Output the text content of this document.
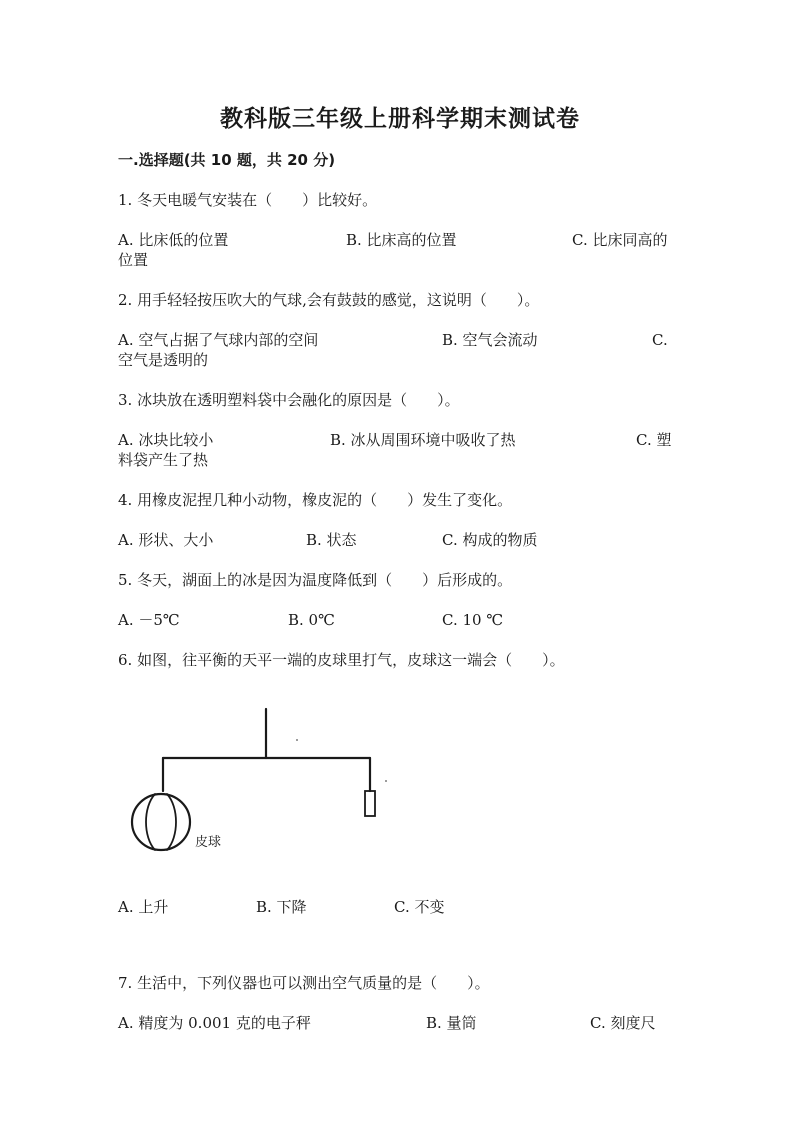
教科版三年级上册科学期末测试卷
一.选择题(共 10 题，共 20 分)
1. 冬天电暖气安装在（　　）比较好。
A. 比床低的位置	B. 比床高的位置	C. 比床同高的
位置
2. 用手轻轻按压吹大的气球,会有鼓鼓的感觉，这说明（　　）。
A. 空气占据了气球内部的空间	B. 空气会流动	C.
空气是透明的
3. 冰块放在透明塑料袋中会融化的原因是（　　）。
A. 冰块比较小	B. 冰从周围环境中吸收了热	C. 塑
料袋产生了热
4. 用橡皮泥捏几种小动物，橡皮泥的（　　）发生了变化。
A. 形状、大小	B. 状态	C. 构成的物质
5. 冬天，湖面上的冰是因为温度降低到（　　）后形成的。
A. －5℃	B. 0℃	C. 10 ℃
6. 如图，往平衡的天平一端的皮球里打气，皮球这一端会（　　）。
皮球
A. 上升	B. 下降	C. 不变
7. 生活中，下列仪器也可以测出空气质量的是（　　）。
A. 精度为 0.001 克的电子秤	B. 量筒	C. 刻度尺
